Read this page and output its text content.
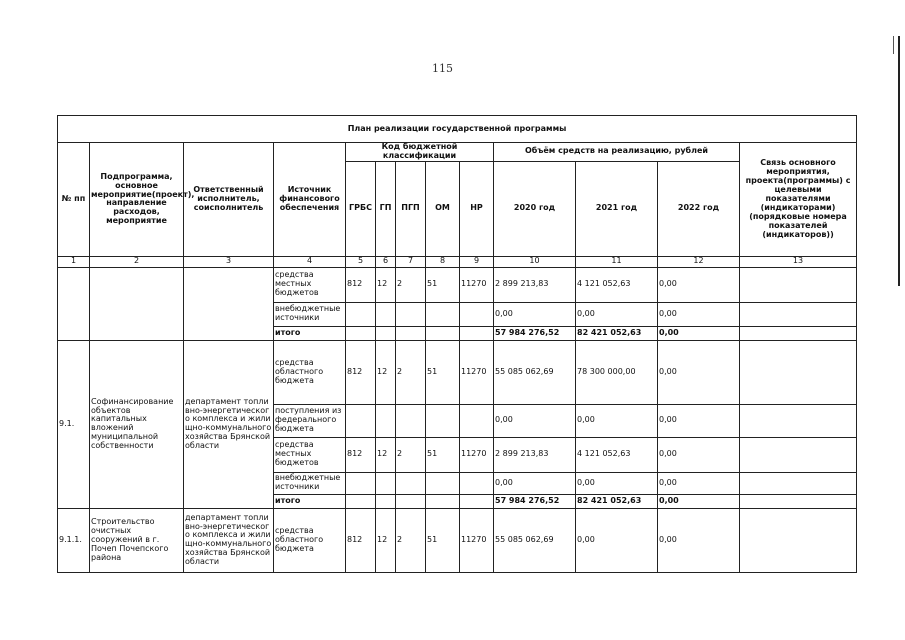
115
План реализации государственной программы												
№ пп	Подпрограмма, основное мероприятие(проект), направление расходов, мероприятие	Ответственный исполнитель, соисполнитель	Источник финансового обеспечения	Код бюджетной классификации					Объём средств на реализацию, рублей			Связь основного мероприятия, проекта(программы) с целевыми показателями (индикаторами) (порядковые номера показателей (индикаторов))
				ГРБС	ГП	ПГП	ОМ	НР	2020 год	2021 год	2022 год	
1	2	3	4	5	6	7	8	9	10	11	12	13
			средства местных бюджетов	812	12	2	51	11270	2 899 213,83	4 121 052,63	0,00	
			внебюджетные источники						0,00	0,00	0,00	
			итого						57 984 276,52	82 421 052,63	0,00	
9.1.	Софинансирование объектов капитальных вложений муниципальной собственности	департамент топливно-энергетического комплекса и жилищно-коммунального хозяйства Брянской области	средства областного бюджета	812	12	2	51	11270	55 085 062,69	78 300 000,00	0,00	
			поступления из федерального бюджета						0,00	0,00	0,00	
			средства местных бюджетов	812	12	2	51	11270	2 899 213,83	4 121 052,63	0,00	
			внебюджетные источники						0,00	0,00	0,00	
			итого						57 984 276,52	82 421 052,63	0,00	
9.1.1.	Строительство очистных сооружений в г. Почеп Почепского района	департамент топливно-энергетического комплекса и жилищно-коммунального хозяйства Брянской области	средства областного бюджета	812	12	2	51	11270	55 085 062,69	0,00	0,00	
